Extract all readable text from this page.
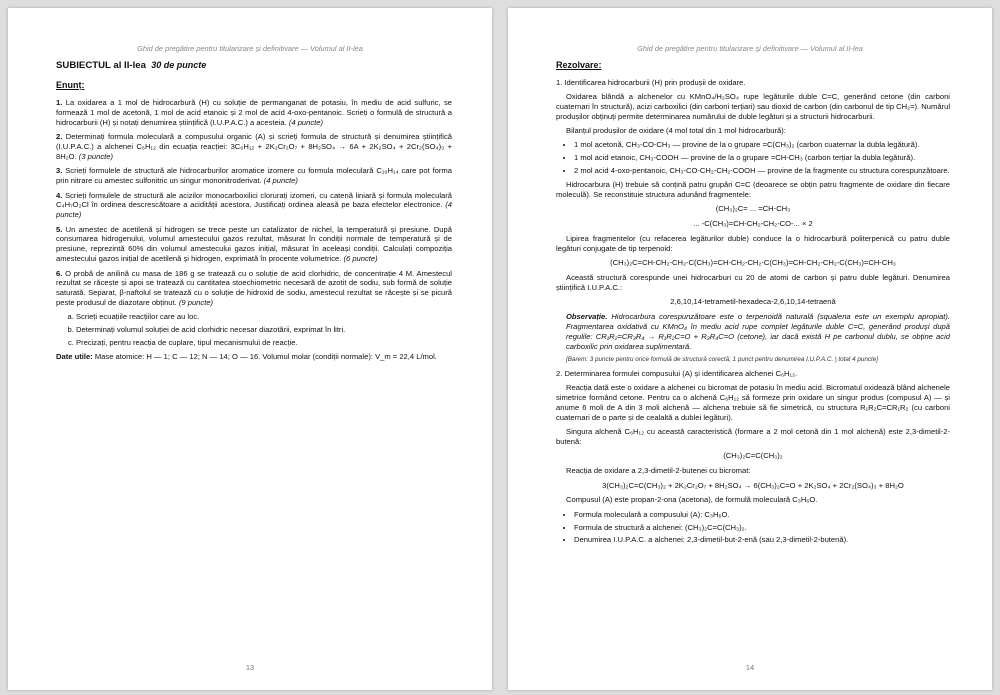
Ghid de pregătire pentru titularizare și definitivare — Volumul al II-lea
SUBIECTUL al II-lea 30 de puncte
Enunț:

1. La oxidarea a 1 mol de hidrocarbură (H) cu soluție de permanganat de potasiu, în mediu de acid sulfuric, se formează 1 mol de acetonă, 1 mol de acid etanoic și 2 mol de acid 4-oxo-pentanoic. Scrieți o formulă de structură a hidrocarburii (H) și notați denumirea științifică (I.U.P.A.C.) a acesteia. (4 puncte)

2. Determinați formula moleculară a compusului organic (A) și scrieți formula de structură și denumirea științifică (I.U.P.A.C.) a alchenei C₆H₁₂ din ecuația reacției: 3C₆H₁₂ + 2K₂Cr₂O₇ + 8H₂SO₄ → 6A + 2K₂SO₄ + 2Cr₂(SO₄)₃ + 8H₂O. (3 puncte)

3. Scrieți formulele de structură ale hidrocarburilor aromatice izomere cu formula moleculară C₁₀H₁₄ care pot forma prin nitrare cu amestec sulfonitric un singur mononitroderivat. (4 puncte)

4. Scrieți formulele de structură ale acizilor monocarboxilici clorurați izomeri, cu catenă liniară și formula moleculară C₄H₇O₂Cl în ordinea descrescătoare a acidității acestora. Justificați ordinea aleasă pe baza efectelor electronice. (4 puncte)

5. Un amestec de acetilenă și hidrogen se trece peste un catalizator de nichel, la temperatură și presiune. După consumarea hidrogenului, volumul amestecului gazos rezultat, măsurat în condiții normale de temperatură și de presiune, reprezintă 60% din volumul amestecului gazos inițial, măsurat în aceleași condiții. Calculați compoziția amestecului gazos inițial de acetilenă și hidrogen, exprimată în procente volumetrice. (6 puncte)

6. O probă de anilină cu masa de 186 g se tratează cu o soluție de acid clorhidric, de concentrație 4 M. Amestecul rezultat se răcește și apoi se tratează cu cantitatea stoechiometric necesară de azotit de sodiu, sub formă de soluție saturată. Separat, β-naftolul se tratează cu o soluție de hidroxid de sodiu, amestecul rezultat se răcește și se picură peste produsul de diazotare obținut. (9 puncte)

a. Scrieți ecuațiile reacțiilor care au loc.
b. Determinați volumul soluției de acid clorhidric necesar diazotării, exprimat în litri.
c. Precizați, pentru reacția de cuplare, tipul mecanismului de reacție.

Date utile: Mase atomice: H — 1; C — 12; N — 14; O — 16. Volumul molar (condiții normale): V_m = 22,4 L/mol.

13
Ghid de pregătire pentru titularizare și definitivare — Volumul al II-lea
Rezolvare:

1. Identificarea hidrocarburii (H) prin produșii de oxidare.

Oxidarea blândă a alchenelor cu KMnO₄/H₂SO₄ rupe legăturile duble C=C, generând cetone (din carboni cuaternari în structură), acizi carboxilici (din carboni terțiari) sau dioxid de carbon (din carbonul de tip CH₂=). Numărul produșilor obținuți permite determinarea numărului de duble legături și a structurii hidrocarburii.

Bilanțul produșilor de oxidare (4 mol total din 1 mol hidrocarbură):

• 1 mol acetonă, CH₃-CO-CH₃ — provine de la o grupare =C(CH₃)₂ (carbon cuaternar la dubla legătură).
• 1 mol acid etanoic, CH₃-COOH — provine de la o grupare =CH-CH₃ (carbon terțiar la dubla legătură).
• 2 mol acid 4-oxo-pentanoic, CH₃-CO-CH₂-CH₂-COOH — provine de la fragmente cu structura corespunzătoare.

Hidrocarbura (H) trebuie să conțină patru grupări C=C (deoarece se obțin patru fragmente de oxidare din fiecare moleculă). Se reconstituie structura adunând fragmentele:

(CH₃)₂C= ... =CH-CH₃
... -C(CH₃)=CH-CH₂-CH₂-CO-... × 2

Lipirea fragmentelor (cu refacerea legăturilor duble) conduce la o hidrocarbură politerpenică cu patru duble legături conjugate de tip terpenoid:

(CH₃)₂C=CH-CH₂-CH₂-C(CH₃)=CH-CH₂-CH₂-C(CH₃)=CH-CH₂-CH₂-C(CH₃)=CH-CH₃

Această structură corespunde unei hidrocarburi cu 20 de atomi de carbon și patru duble legături. Denumirea științifică I.U.P.A.C.:

2,6,10,14-tetrametil-hexadeca-2,6,10,14-tetraenă

Observație. Hidrocarbura corespunzătoare este o terpenoidă naturală (squalena este un exemplu apropiat). Fragmentarea oxidativă cu KMnO₄ în mediu acid rupe complet legăturile duble C=C, generând produși după regulile: CR₁R₂=CR₃R₄ → R₁R₂C=O + R₃R₄C=O (cetone), iar dacă există H pe carbonul dublu, se obține acid carboxilic prin oxidarea suplimentară.

[Barem: 3 puncte pentru orice formulă de structură corectă; 1 punct pentru denumirea I.U.P.A.C. | total 4 puncte]

2. Determinarea formulei compusului (A) și identificarea alchenei C₆H₁₂.

Reacția dată este o oxidare a alchenei cu bicromat de potasiu în mediu acid. Bicromatul oxidează blând alchenele simetrice formând cetone. Pentru ca o alchenă C₆H₁₂ să formeze prin oxidare un singur produs (compusul A) — și anume 6 moli de A din 3 moli alchenă — alchena trebuie să fie simetrică, cu structura R₁R₂C=CR₁R₂ (cu carboni cuaternari de o parte și de cealaltă a dublei legături).

Singura alchenă C₆H₁₂ cu această caracteristică (formare a 2 mol cetonă din 1 mol alchenă) este 2,3-dimetil-2-butenă:

(CH₃)₂C=C(CH₃)₂

Reacția de oxidare a 2,3-dimetil-2-butenei cu bicromat:

3(CH₃)₂C=C(CH₃)₂ + 2K₂Cr₂O₇ + 8H₂SO₄ → 6(CH₃)₂C=O + 2K₂SO₄ + 2Cr₂(SO₄)₃ + 8H₂O

Compusul (A) este propan-2-ona (acetona), de formulă moleculară C₃H₆O.

• Formula moleculară a compusului (A): C₃H₆O.
• Formula de structură a alchenei: (CH₃)₂C=C(CH₃)₂.
• Denumirea I.U.P.A.C. a alchenei: 2,3-dimetil-but-2-enă (sau 2,3-dimetil-2-butenă).
14
